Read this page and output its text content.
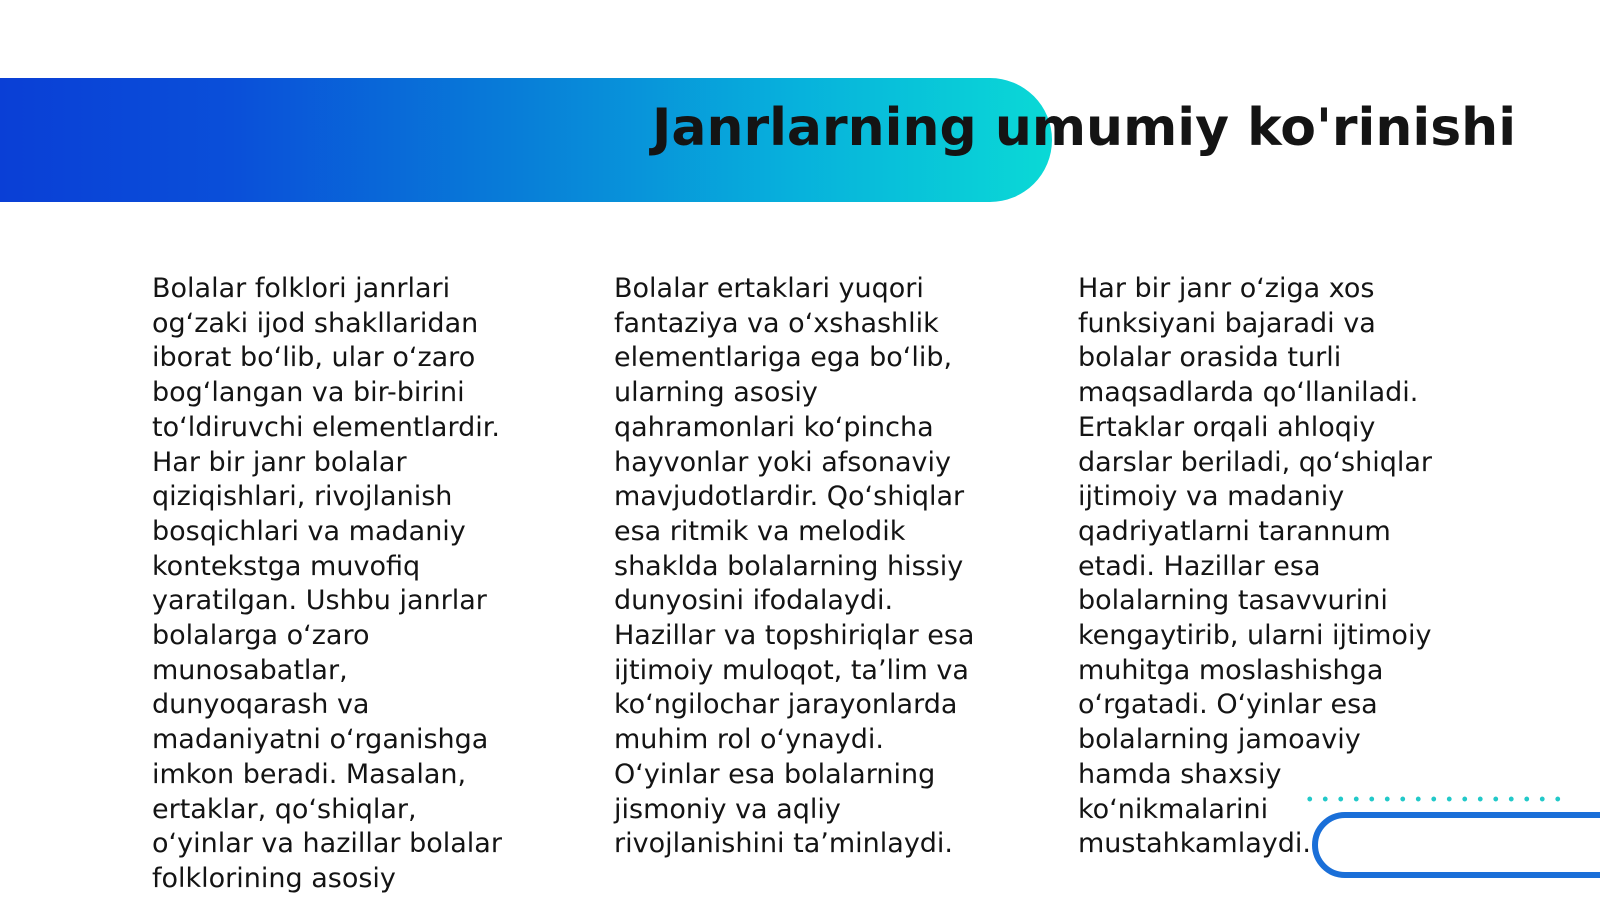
Janrlarning umumiy ko'rinishi

Bolalar folklori janrlari ogʻzaki ijod shakllaridan iborat boʻlib, ular oʻzaro bogʻlangan va bir-birini toʻldiruvchi elementlardir. Har bir janr bolalar qiziqishlari, rivojlanish bosqichlari va madaniy kontekstga muvofiq yaratilgan. Ushbu janrlar bolalarga oʻzaro munosabatlar, dunyoqarash va madaniyatni oʻrganishga imkon beradi. Masalan, ertaklar, qoʻshiqlar, oʻyinlar va hazillar bolalar folklorining asosiy

Bolalar ertaklari yuqori fantaziya va oʻxshashlik elementlariga ega boʻlib, ularning asosiy qahramonlari koʻpincha hayvonlar yoki afsonaviy mavjudotlardir. Qoʻshiqlar esa ritmik va melodik shaklda bolalarning hissiy dunyosini ifodalaydi. Hazillar va topshiriqlar esa ijtimoiy muloqot, taʼlim va koʻngilochar jarayonlarda muhim rol oʻynaydi. Oʻyinlar esa bolalarning jismoniy va aqliy rivojlanishini taʼminlaydi.

Har bir janr oʻziga xos funksiyani bajaradi va bolalar orasida turli maqsadlarda qoʻllaniladi. Ertaklar orqali ahloqiy darslar beriladi, qoʻshiqlar ijtimoiy va madaniy qadriyatlarni tarannum etadi. Hazillar esa bolalarning tasavvurini kengaytirib, ularni ijtimoiy muhitga moslashishga oʻrgatadi. Oʻyinlar esa bolalarning jamoaviy hamda shaxsiy koʻnikmalarini mustahkamlaydi.
